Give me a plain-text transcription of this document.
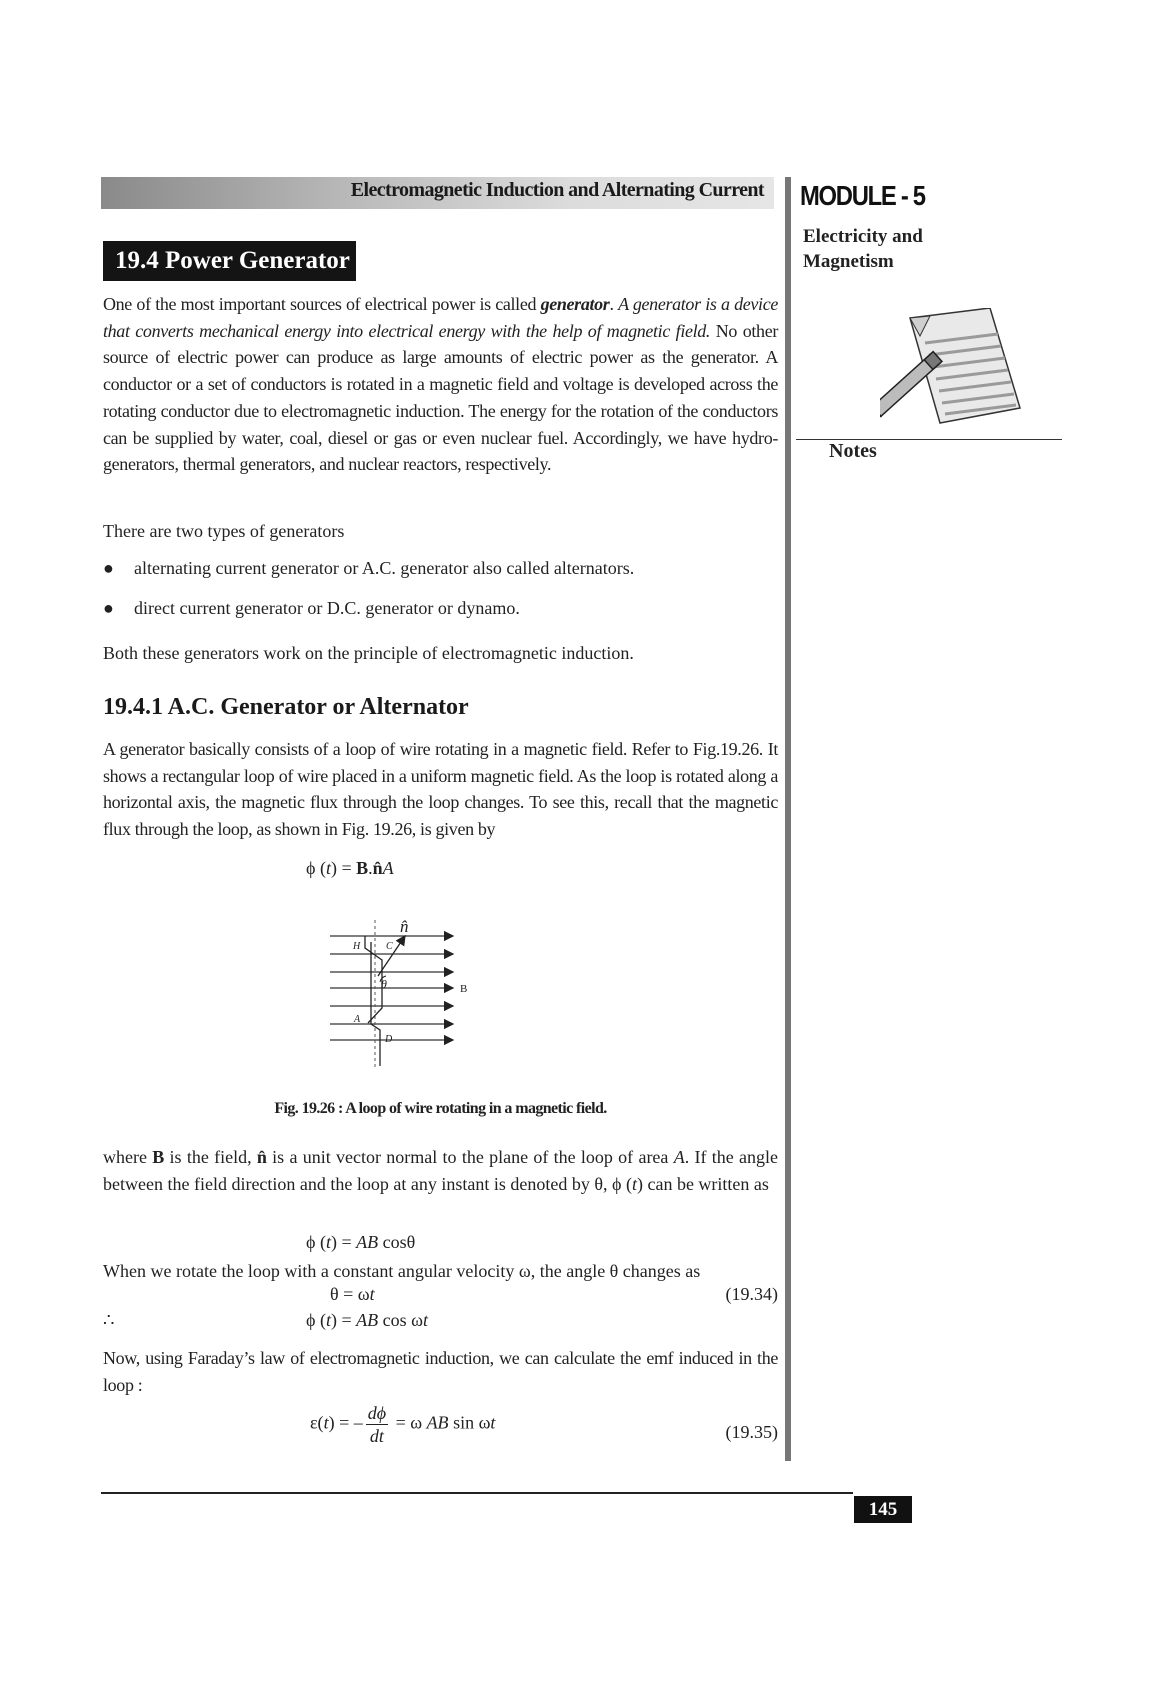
Electromagnetic Induction and Alternating Current MODULE - 5
Electricity and Magnetism
Notes
19.4 Power Generator
One of the most important sources of electrical power is called generator. A generator is a device that converts mechanical energy into electrical energy with the help of magnetic field. No other source of electric power can produce as large amounts of electric power as the generator. A conductor or a set of conductors is rotated in a magnetic field and voltage is developed across the rotating conductor due to electromagnetic induction. The energy for the rotation of the conductors can be supplied by water, coal, diesel or gas or even nuclear fuel. Accordingly, we have hydro-generators, thermal generators, and nuclear reactors, respectively.
There are two types of generators
● alternating current generator or A.C. generator also called alternators.
● direct current generator or D.C. generator or dynamo.
Both these generators work on the principle of electromagnetic induction.
19.4.1 A.C. Generator or Alternator
A generator basically consists of a loop of wire rotating in a magnetic field. Refer to Fig.19.26. It shows a rectangular loop of wire placed in a uniform magnetic field. As the loop is rotated along a horizontal axis, the magnetic flux through the loop changes. To see this, recall that the magnetic flux through the loop, as shown in Fig. 19.26, is given by
ϕ (t) = B.n̂A
n̂
H	C
θ	B
A
D
Fig. 19.26 : A loop of wire rotating in a magnetic field.
where B is the field, n̂ is a unit vector normal to the plane of the loop of area A. If the angle between the field direction and the loop at any instant is denoted by θ, ϕ (t) can be written as
ϕ (t) = AB cosθ
When we rotate the loop with a constant angular velocity ω, the angle θ changes as
θ = ωt	(19.34)
∴	ϕ (t) = AB cos ωt
Now, using Faraday’s law of electromagnetic induction, we can calculate the emf induced in the loop :
ε(t) = – $\frac{d\phi}{dt} = \omega$ AB sin ωt	(19.35)
145
